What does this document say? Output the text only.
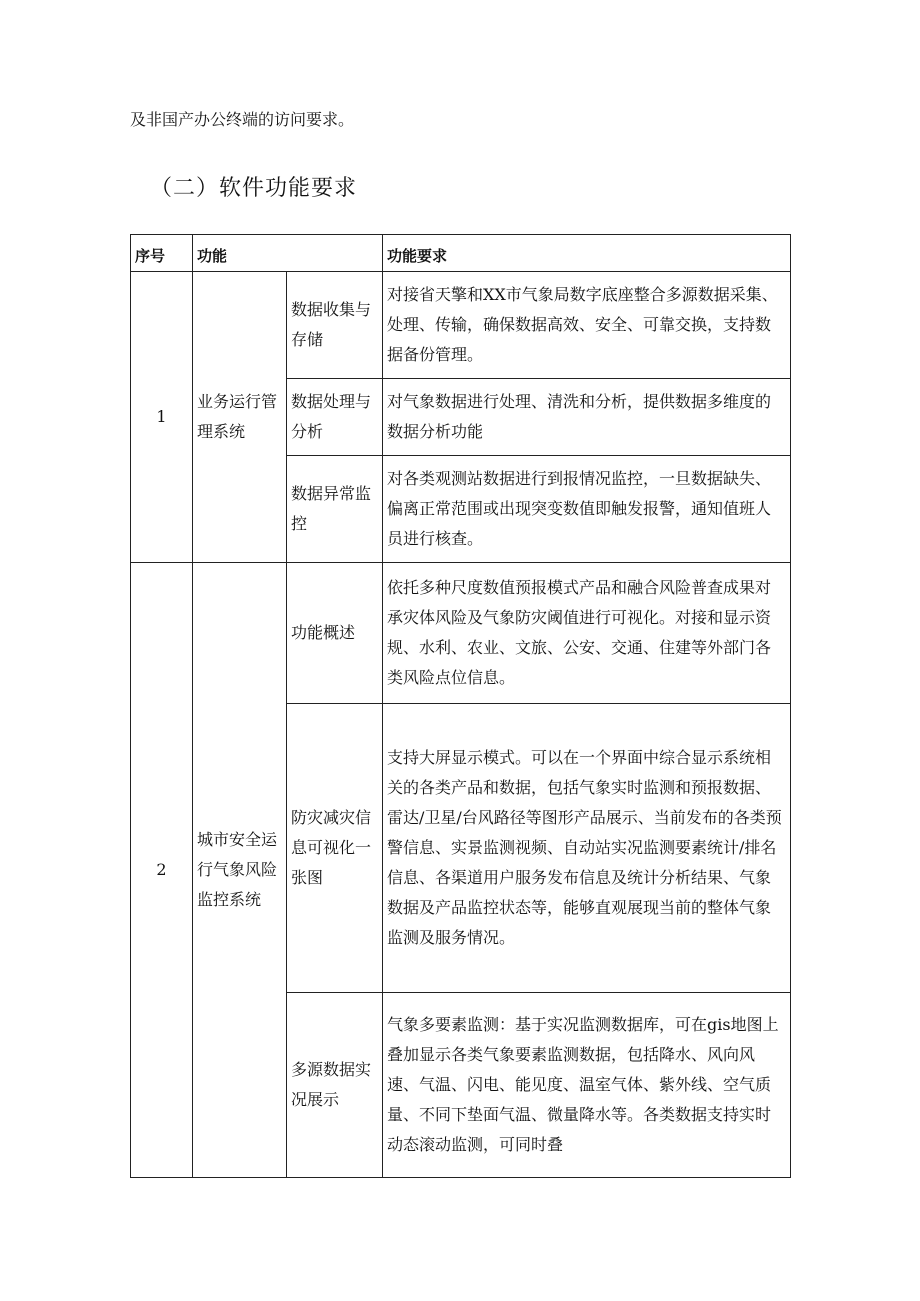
及非国产办公终端的访问要求。

（二）软件功能要求
序号	功能		功能要求
1	业务运行管理系统	数据收集与存储	对接省天擎和XX市气象局数字底座整合多源数据采集、处理、传输，确保数据高效、安全、可靠交换，支持数据备份管理。
		数据处理与分析	对气象数据进行处理、清洗和分析，提供数据多维度的数据分析功能
		数据异常监控	对各类观测站数据进行到报情况监控，一旦数据缺失、偏离正常范围或出现突变数值即触发报警，通知值班人员进行核查。
2	城市安全运行气象风险监控系统	功能概述	依托多种尺度数值预报模式产品和融合风险普查成果对承灾体风险及气象防灾阈值进行可视化。对接和显示资规、水利、农业、文旅、公安、交通、住建等外部门各类风险点位信息。
		防灾减灾信息可视化一张图	支持大屏显示模式。可以在一个界面中综合显示系统相关的各类产品和数据，包括气象实时监测和预报数据、雷达/卫星/台风路径等图形产品展示、当前发布的各类预警信息、实景监测视频、自动站实况监测要素统计/排名信息、各渠道用户服务发布信息及统计分析结果、气象数据及产品监控状态等，能够直观展现当前的整体气象监测及服务情况。
		多源数据实况展示	气象多要素监测：基于实况监测数据库，可在gis地图上叠加显示各类气象要素监测数据，包括降水、风向风速、气温、闪电、能见度、温室气体、紫外线、空气质量、不同下垫面气温、微量降水等。各类数据支持实时动态滚动监测，可同时叠
